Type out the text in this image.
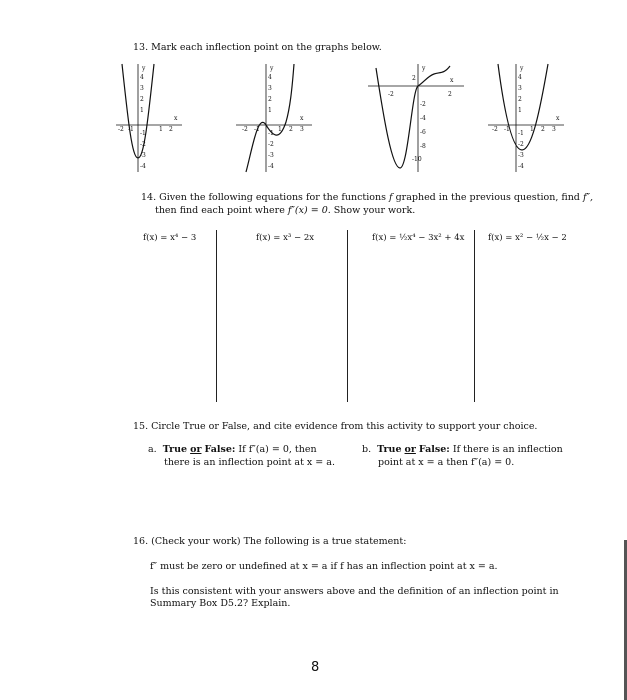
13. Mark each inflection point on the graphs below.
y
x
4
3
2
1
-1
-2
-3
-4
-2 -1	1 2
y
x
4
3
2
1
-1
-2
-3
-4
-2 -1	1 2 3
y
x
2
-2
-4
-6
-8
-10
-2	2
y
x
4
3
2
1
-1
-2
-3
-4
-2 -1	1 2 3
14. Given the following equations for the functions f graphed in the previous question, find f″,
then find each point where f″(x) = 0. Show your work.
f(x) = x⁴ − 3	f(x) = x³ − 2x	f(x) = ½x⁴ − 3x² + 4x	f(x) = x² − ½x − 2
15. Circle True or False, and cite evidence from this activity to support your choice.
a. True or False: If f″(a) = 0, then
there is an inflection point at x = a.
b. True or False: If there is an inflection
point at x = a then f″(a) = 0.
16. (Check your work) The following is a true statement:
f″ must be zero or undefined at x = a if f has an inflection point at x = a.
Is this consistent with your answers above and the definition of an inflection point in
Summary Box D5.2? Explain.
8
